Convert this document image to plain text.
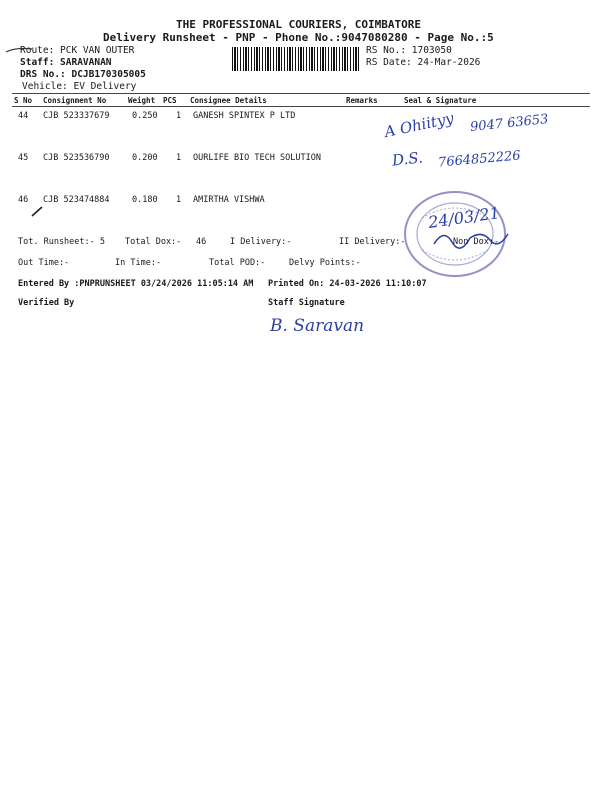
THE PROFESSIONAL COURIERS, COIMBATORE
Delivery Runsheet - PNP - Phone No.:9047080280 - Page No.:5
Route: PCK VAN OUTER
Staff: SARAVANAN
DRS No.: DCJB170305005
Vehicle: EV Delivery
RS No.: 1703050
RS Date: 24-Mar-2026
S No Consignment No	Weight PCS Consignee Details	Remarks	Seal & Signature
44 CJB 523337679	0.250 1 GANESH SPINTEX P LTD
45 CJB 523536790	0.200 1 OURLIFE BIO TECH SOLUTION
46 CJB 523474884	0.180 1 AMIRTHA VISHWA
A Ohiityy 9047 63653
D.S. 7664852226
24/03/21
Tot. Runsheet:- 5 Total Dox:- 46	I Delivery:-	II Delivery:-	Non Dox:-
Out Time:-	In Time:-	Total POD:-	Delvy Points:-
Entered By :PNPRUNSHEET 03/24/2026 11:05:14 AM Printed On: 24-03-2026 11:10:07
Verified By	Staff Signature
B. Saravan
